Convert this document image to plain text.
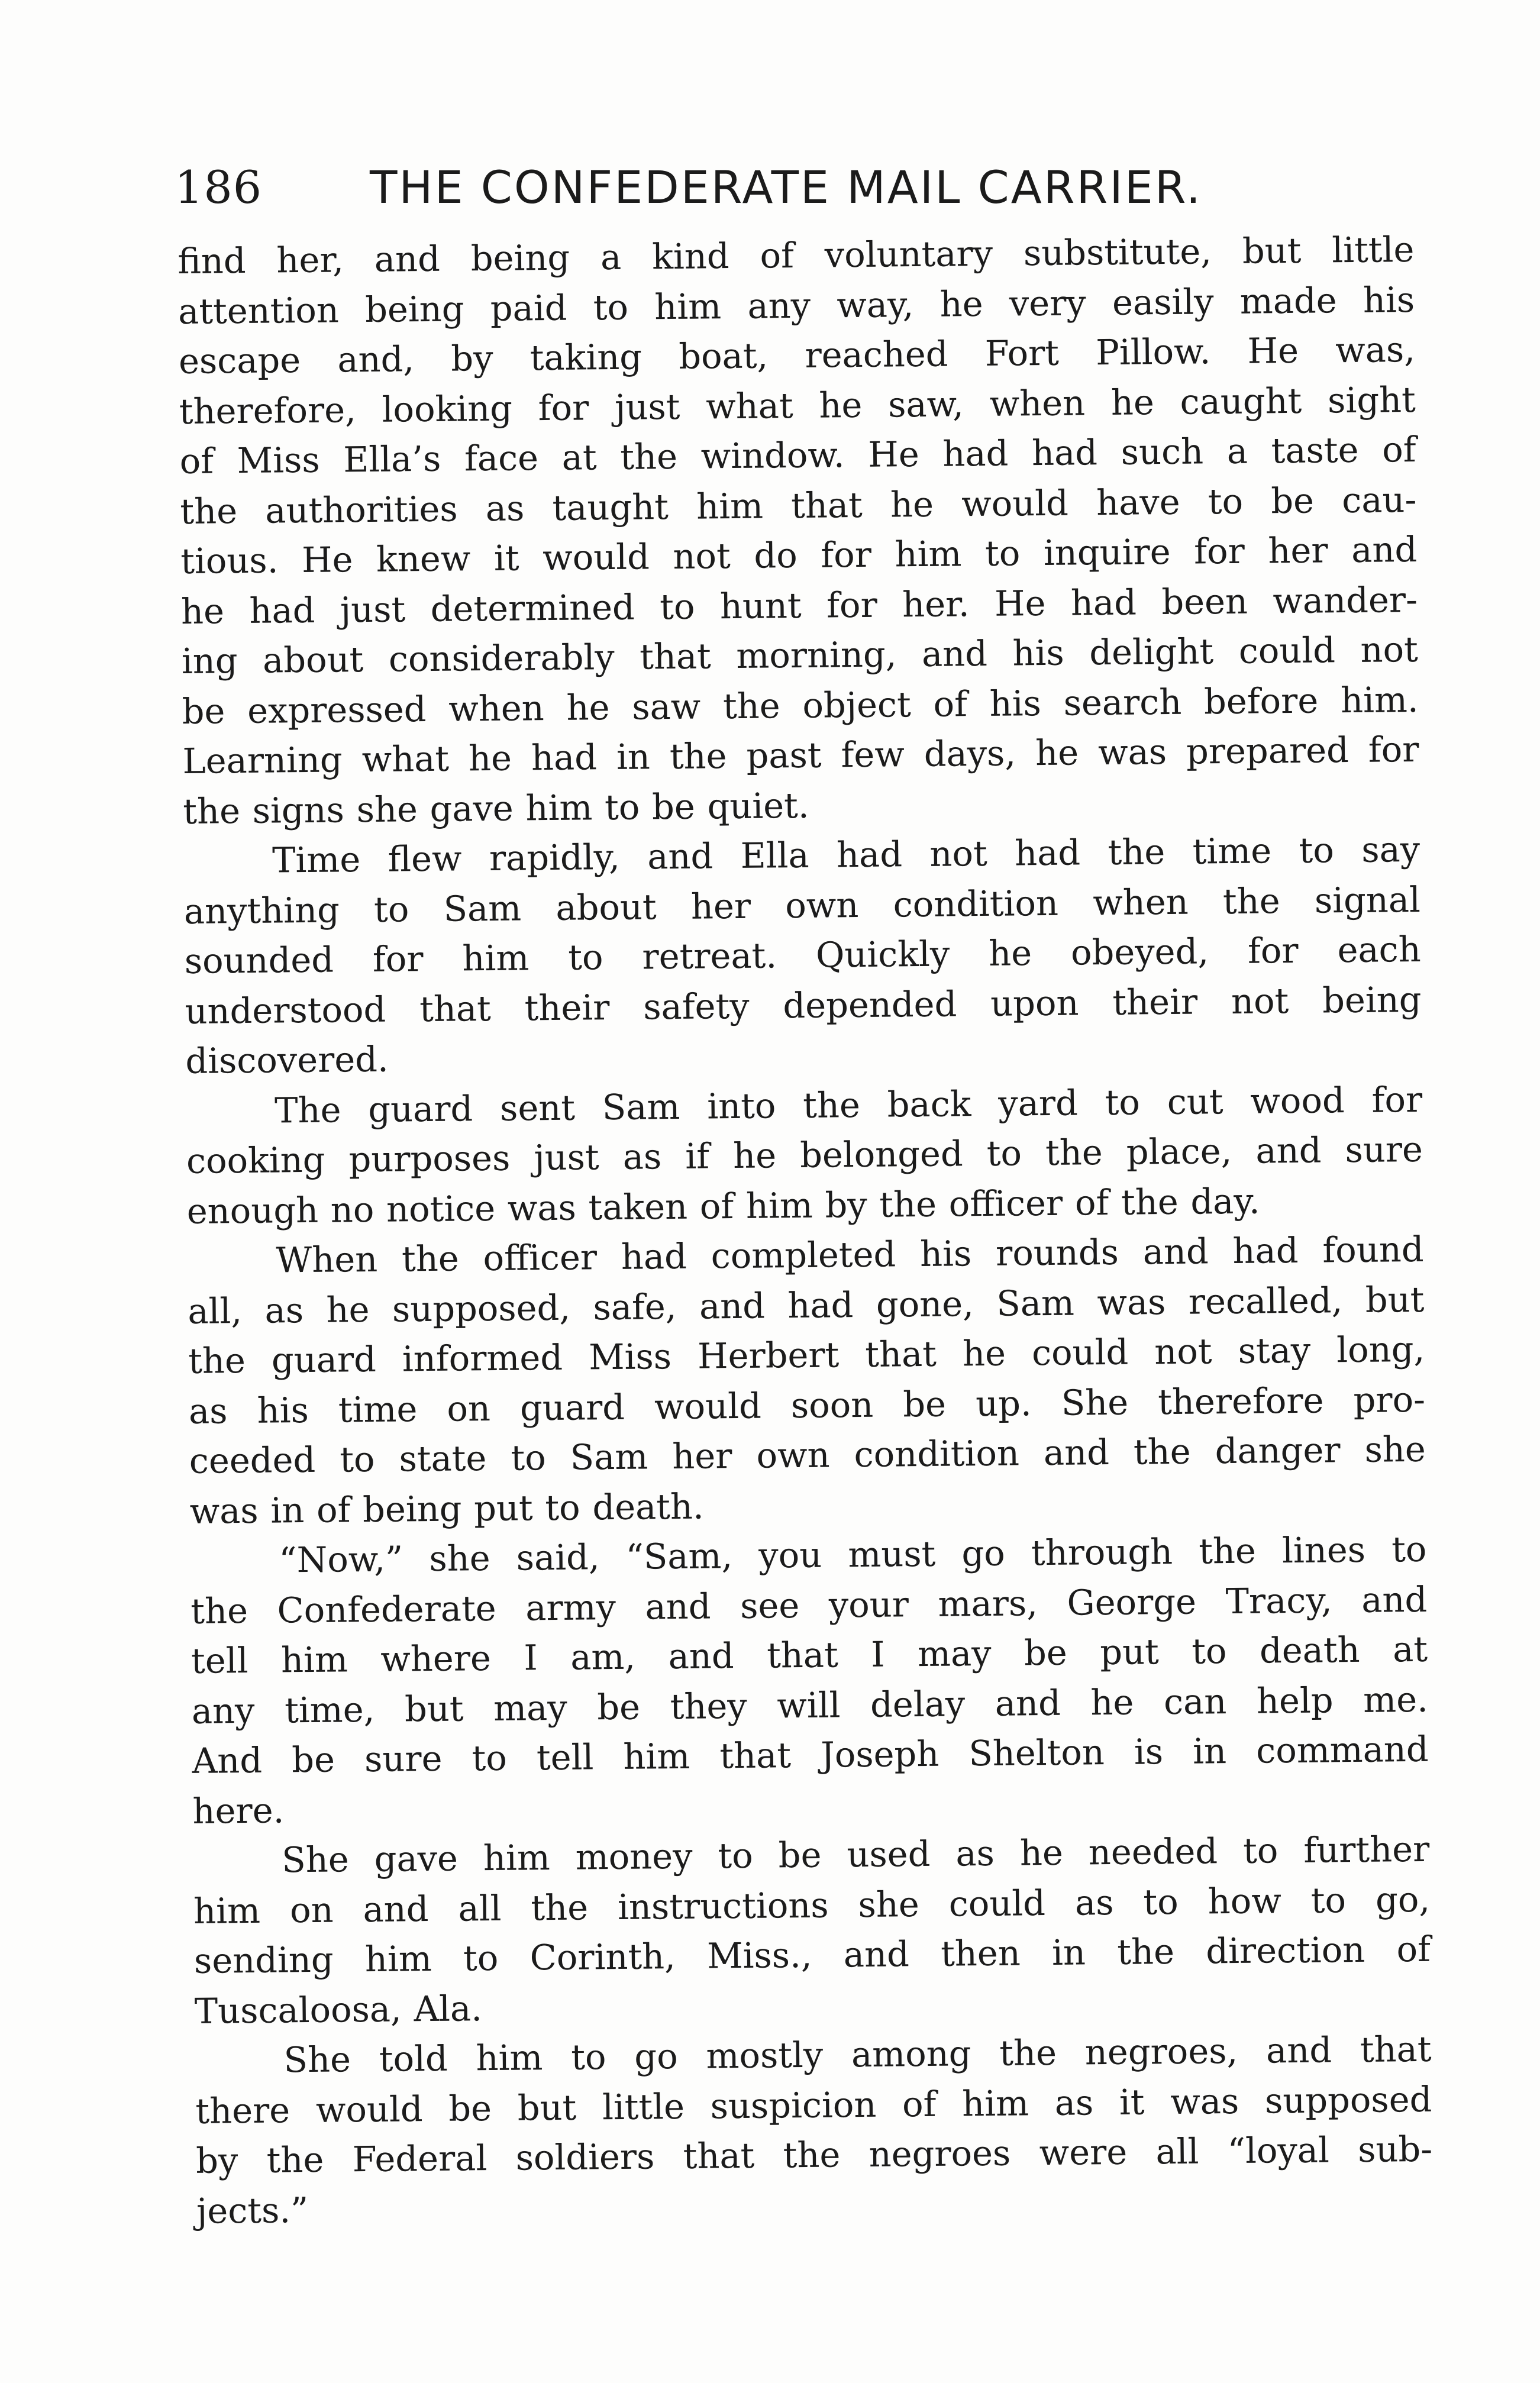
186 THE CONFEDERATE MAIL CARRIER.
find her, and being a kind of voluntary substitute, but little
attention being paid to him any way, he very easily made his
escape and, by taking boat, reached Fort Pillow. He was,
therefore, looking for just what he saw, when he caught sight
of Miss Ella’s face at the window. He had had such a taste of
the authorities as taught him that he would have to be cau-
tious. He knew it would not do for him to inquire for her and
he had just determined to hunt for her. He had been wander-
ing about considerably that morning, and his delight could not
be expressed when he saw the object of his search before him.
Learning what he had in the past few days, he was prepared for
the signs she gave him to be quiet.
Time flew rapidly, and Ella had not had the time to say
anything to Sam about her own condition when the signal
sounded for him to retreat. Quickly he obeyed, for each
understood that their safety depended upon their not being
discovered.
The guard sent Sam into the back yard to cut wood for
cooking purposes just as if he belonged to the place, and sure
enough no notice was taken of him by the officer of the day.
When the officer had completed his rounds and had found
all, as he supposed, safe, and had gone, Sam was recalled, but
the guard informed Miss Herbert that he could not stay long,
as his time on guard would soon be up. She therefore pro-
ceeded to state to Sam her own condition and the danger she
was in of being put to death.
“Now,” she said, “Sam, you must go through the lines to
the Confederate army and see your mars, George Tracy, and
tell him where I am, and that I may be put to death at
any time, but may be they will delay and he can help me.
And be sure to tell him that Joseph Shelton is in command
here.
She gave him money to be used as he needed to further
him on and all the instructions she could as to how to go,
sending him to Corinth, Miss., and then in the direction of
Tuscaloosa, Ala.
She told him to go mostly among the negroes, and that
there would be but little suspicion of him as it was supposed
by the Federal soldiers that the negroes were all “loyal sub-
jects.”
